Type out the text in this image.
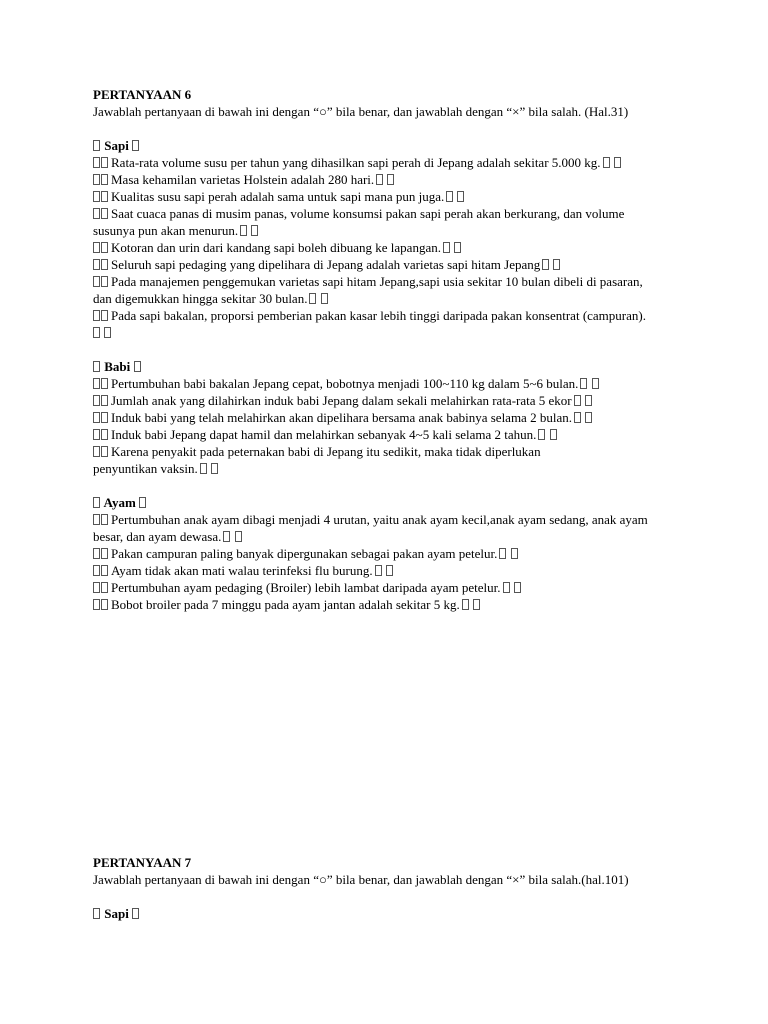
PERTANYAAN 6
Jawablah pertanyaan di bawah ini dengan “○” bila benar, dan jawablah dengan “×” bila salah. (Hal.31)
Sapi
Rata-rata volume susu per tahun yang dihasilkan sapi perah di Jepang adalah sekitar 5.000 kg.
Masa kehamilan varietas Holstein adalah 280 hari.
Kualitas susu sapi perah adalah sama untuk sapi mana pun juga.
Saat cuaca panas di musim panas, volume konsumsi pakan sapi perah akan berkurang, dan volume
susunya pun akan menurun.
Kotoran dan urin dari kandang sapi boleh dibuang ke lapangan.
Seluruh sapi pedaging yang dipelihara di Jepang adalah varietas sapi hitam Jepang
Pada manajemen penggemukan varietas sapi hitam Jepang,sapi usia sekitar 10 bulan dibeli di pasaran,
dan digemukkan hingga sekitar 30 bulan.
Pada sapi bakalan, proporsi pemberian pakan kasar lebih tinggi daripada pakan konsentrat (campuran).

Babi
Pertumbuhan babi bakalan Jepang cepat, bobotnya menjadi 100~110 kg dalam 5~6 bulan.
Jumlah anak yang dilahirkan induk babi Jepang dalam sekali melahirkan rata-rata 5 ekor
Induk babi yang telah melahirkan akan dipelihara bersama anak babinya selama 2 bulan.
Induk babi Jepang dapat hamil dan melahirkan sebanyak 4~5 kali selama 2 tahun.
Karena penyakit pada peternakan babi di Jepang itu sedikit, maka tidak diperlukan
penyuntikan vaksin.
Ayam
Pertumbuhan anak ayam dibagi menjadi 4 urutan, yaitu anak ayam kecil,anak ayam sedang, anak ayam
besar, dan ayam dewasa.
Pakan campuran paling banyak dipergunakan sebagai pakan ayam petelur.
Ayam tidak akan mati walau terinfeksi flu burung.
Pertumbuhan ayam pedaging (Broiler) lebih lambat daripada ayam petelur.
Bobot broiler pada 7 minggu pada ayam jantan adalah sekitar 5 kg.
PERTANYAAN 7
Jawablah pertanyaan di bawah ini dengan “○” bila benar, dan jawablah dengan “×” bila salah.(hal.101)
Sapi
